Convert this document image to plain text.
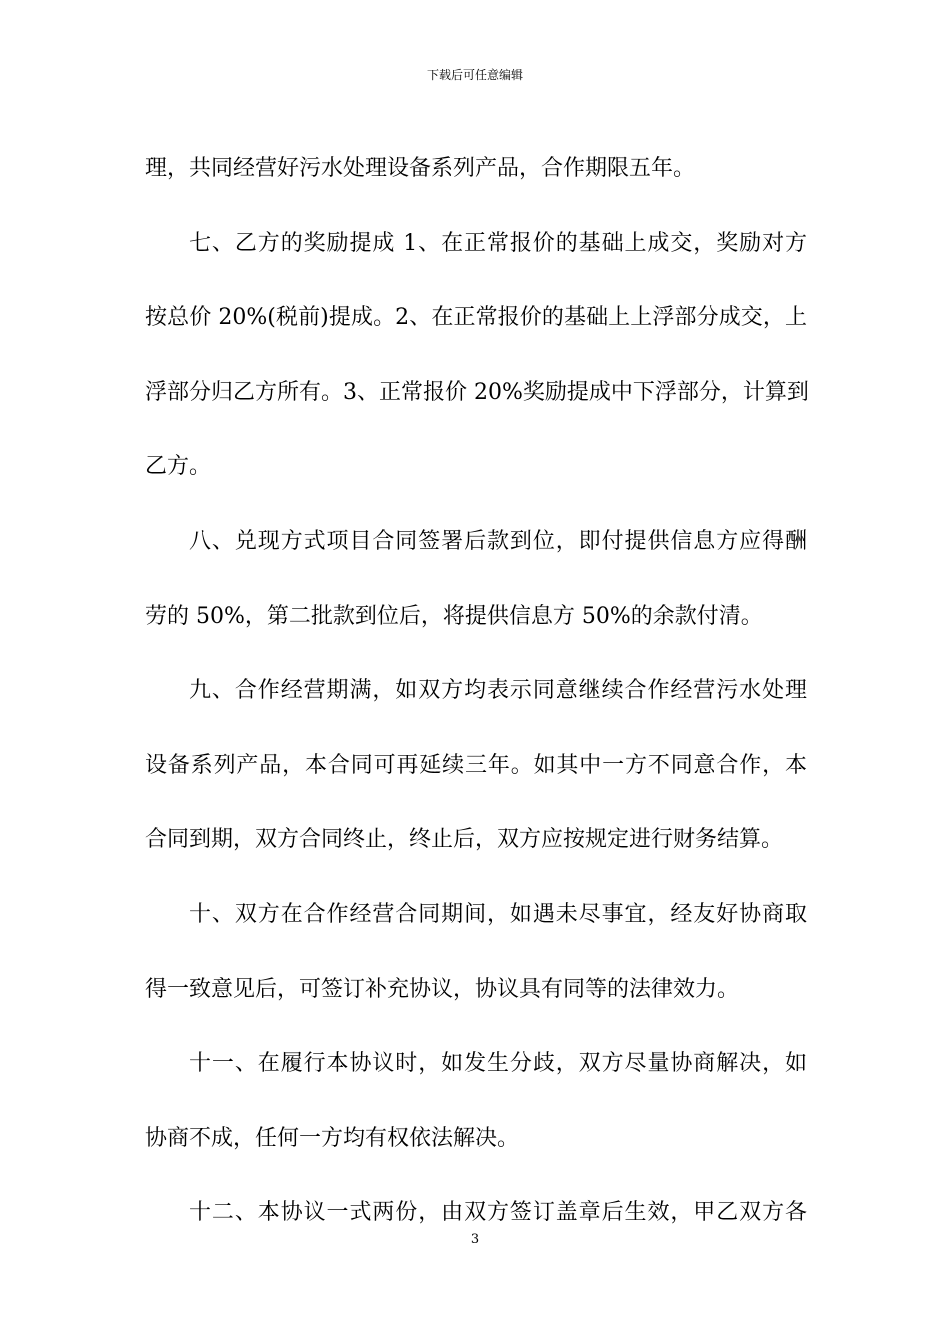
下载后可任意编辑
理，共同经营好污水处理设备系列产品，合作期限五年。
七、乙方的奖励提成 1、在正常报价的基础上成交，奖励对方
按总价 20%(税前)提成。2、在正常报价的基础上上浮部分成交，上
浮部分归乙方所有。3、正常报价 20%奖励提成中下浮部分，计算到
乙方。
八、兑现方式项目合同签署后款到位，即付提供信息方应得酬
劳的 50%，第二批款到位后，将提供信息方 50%的余款付清。
九、合作经营期满，如双方均表示同意继续合作经营污水处理
设备系列产品，本合同可再延续三年。如其中一方不同意合作，本
合同到期，双方合同终止，终止后，双方应按规定进行财务结算。
十、双方在合作经营合同期间，如遇未尽事宜，经友好协商取
得一致意见后，可签订补充协议，协议具有同等的法律效力。
十一、在履行本协议时，如发生分歧，双方尽量协商解决，如
协商不成，任何一方均有权依法解决。
十二、本协议一式两份，由双方签订盖章后生效，甲乙双方各
3
